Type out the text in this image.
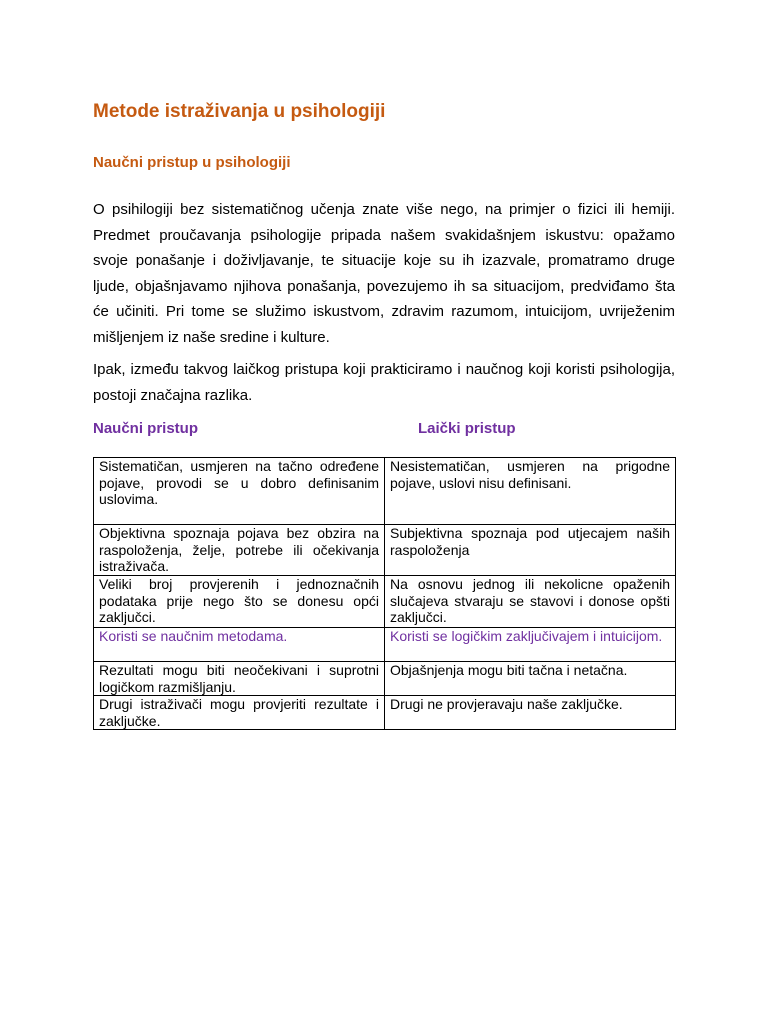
Metode istraživanja u psihologiji
Naučni pristup u psihologiji

O psihilogiji bez sistematičnog učenja znate više nego, na primjer o fizici ili hemiji. Predmet proučavanja psihologije pripada našem svakidašnjem iskustvu: opažamo svoje ponašanje i doživljavanje, te situacije koje su ih izazvale, promatramo druge ljude, objašnjavamo njihova ponašanja, povezujemo ih sa situacijom, predviđamo šta će učiniti. Pri tome se služimo iskustvom, zdravim razumom, intuicijom, uvriježenim mišljenjem iz naše sredine i kulture.

Ipak, između takvog laičkog pristupa koji prakticiramo i naučnog koji koristi psihologija, postoji značajna razlika.

Naučni pristup	Laički pristup
Sistematičan, usmjeren na tačno određene pojave, provodi se u dobro definisanim uslovima.	Nesistematičan, usmjeren na prigodne pojave, uslovi nisu definisani.
Objektivna spoznaja pojava bez obzira na raspoloženja, želje, potrebe ili očekivanja istraživača.	Subjektivna spoznaja pod utjecajem naših raspoloženja
Veliki broj provjerenih i jednoznačnih podataka prije nego što se donesu opći zaključci.	Na osnovu jednog ili nekolicne opaženih slučajeva stvaraju se stavovi i donose opšti zaključci.
Koristi se naučnim metodama.	Koristi se logičkim zaključivajem i intuicijom.
Rezultati mogu biti neočekivani i suprotni logičkom razmišljanju.	Objašnjenja mogu biti tačna i netačna.
Drugi istraživači mogu provjeriti rezultate i zaključke.	Drugi ne provjeravaju naše zaključke.
